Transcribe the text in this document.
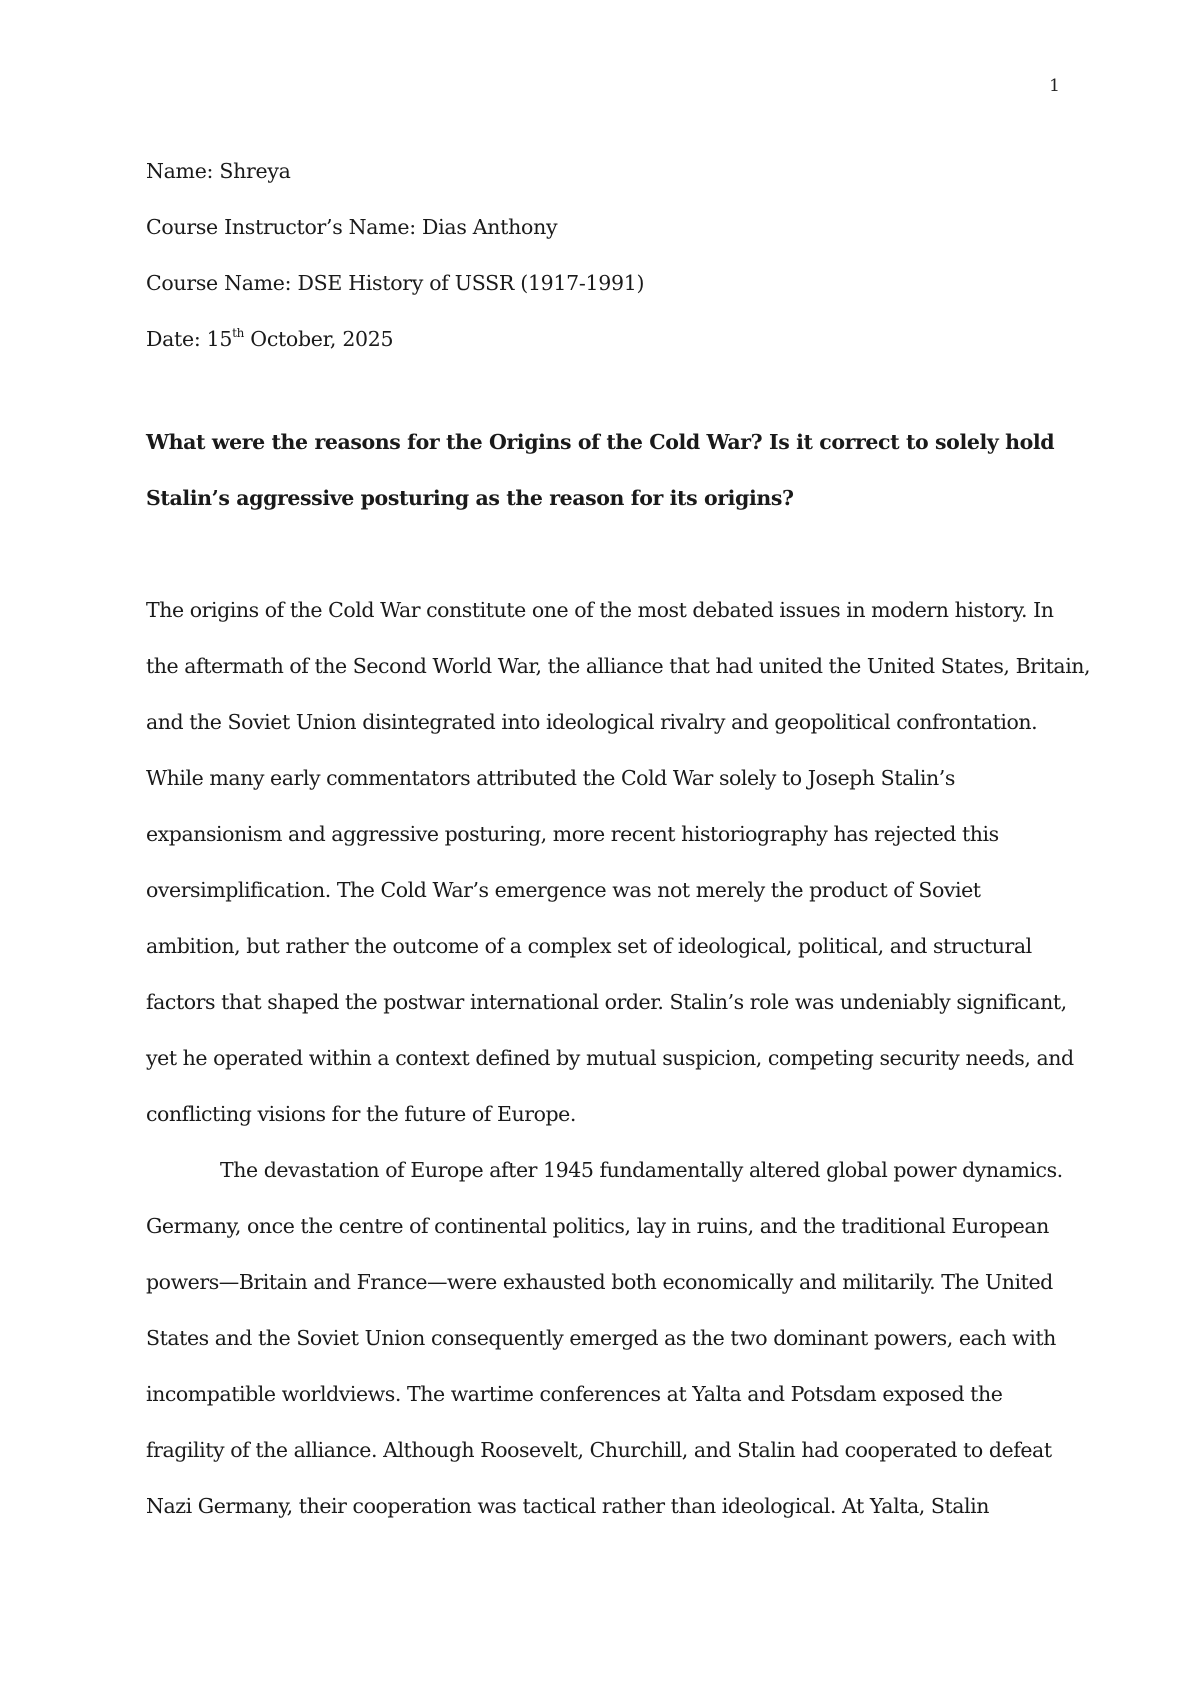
1

Name: Shreya

Course Instructor’s Name: Dias Anthony

Course Name: DSE History of USSR (1917-1991)

Date: 15th October, 2025

What were the reasons for the Origins of the Cold War? Is it correct to solely hold
Stalin’s aggressive posturing as the reason for its origins?
The origins of the Cold War constitute one of the most debated issues in modern history. In
the aftermath of the Second World War, the alliance that had united the United States, Britain,
and the Soviet Union disintegrated into ideological rivalry and geopolitical confrontation.
While many early commentators attributed the Cold War solely to Joseph Stalin’s
expansionism and aggressive posturing, more recent historiography has rejected this
oversimplification. The Cold War’s emergence was not merely the product of Soviet
ambition, but rather the outcome of a complex set of ideological, political, and structural
factors that shaped the postwar international order. Stalin’s role was undeniably significant,
yet he operated within a context defined by mutual suspicion, competing security needs, and
conflicting visions for the future of Europe.
The devastation of Europe after 1945 fundamentally altered global power dynamics.
Germany, once the centre of continental politics, lay in ruins, and the traditional European
powers—Britain and France—were exhausted both economically and militarily. The United
States and the Soviet Union consequently emerged as the two dominant powers, each with
incompatible worldviews. The wartime conferences at Yalta and Potsdam exposed the
fragility of the alliance. Although Roosevelt, Churchill, and Stalin had cooperated to defeat
Nazi Germany, their cooperation was tactical rather than ideological. At Yalta, Stalin
